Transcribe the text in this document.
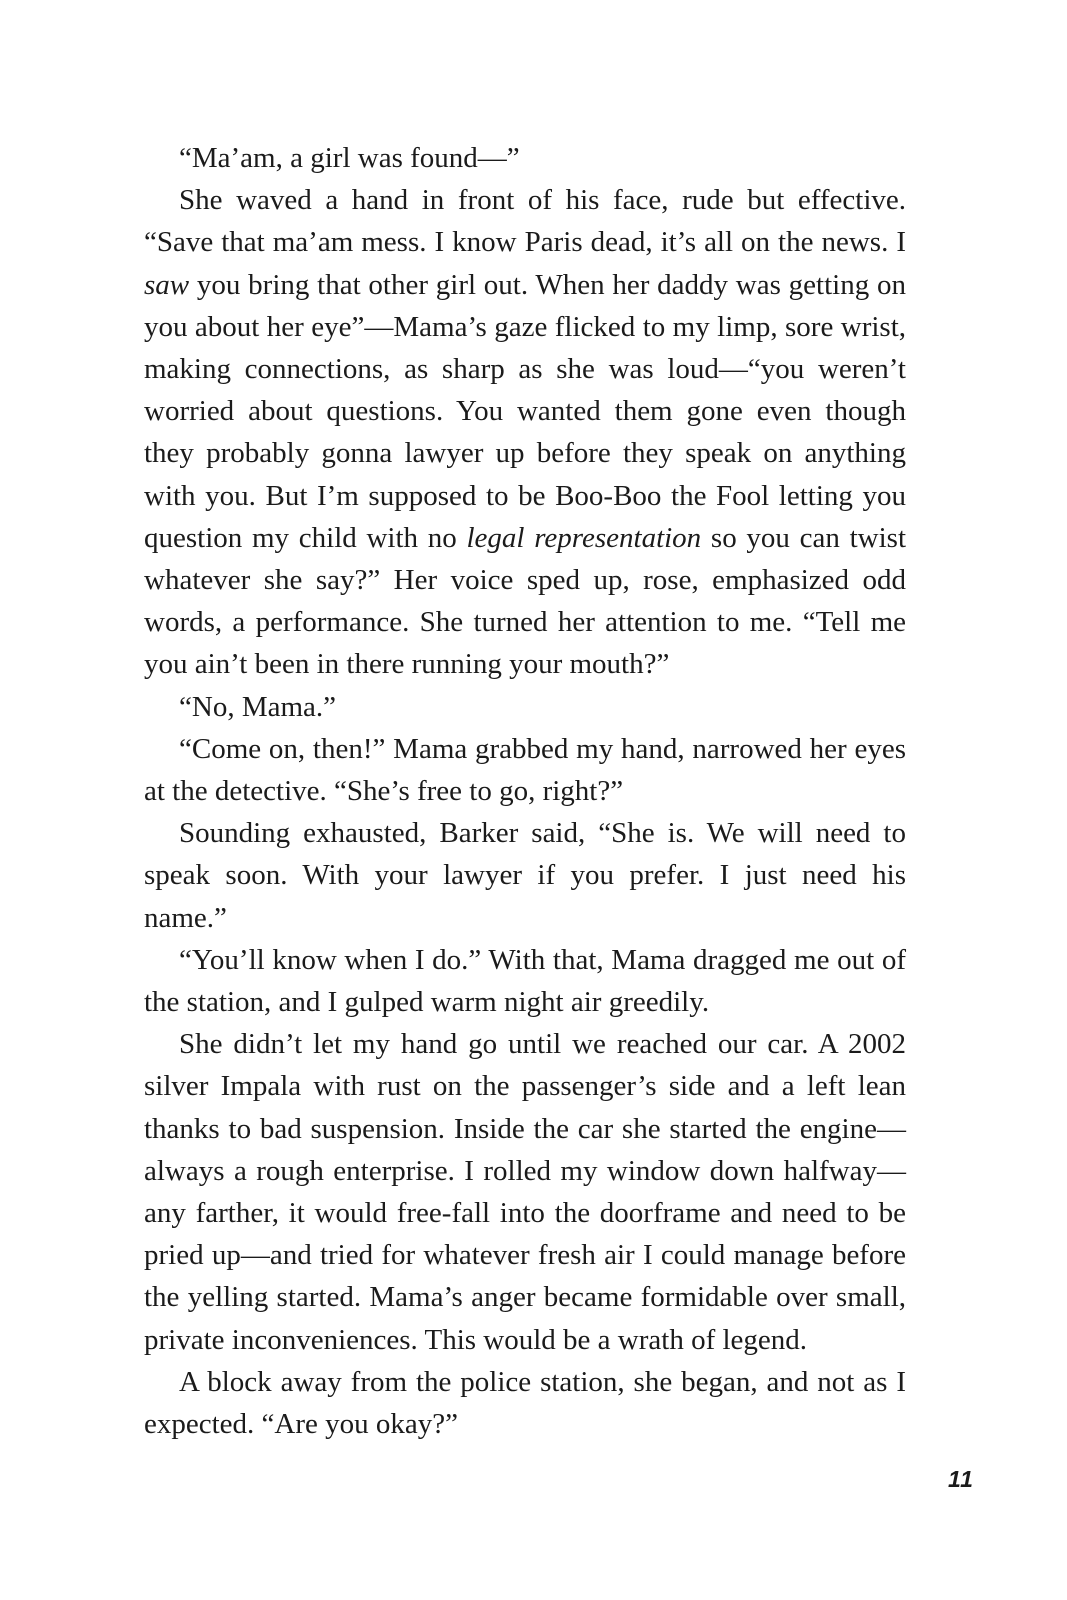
“Ma’am, a girl was found—”

She waved a hand in front of his face, rude but effective. “Save that ma’am mess. I know Paris dead, it’s all on the news. I saw you bring that other girl out. When her daddy was getting on you about her eye”—Mama’s gaze flicked to my limp, sore wrist, making connections, as sharp as she was loud—“you weren’t worried about questions. You wanted them gone even though they probably gonna lawyer up before they speak on anything with you. But I’m supposed to be Boo-Boo the Fool letting you question my child with no legal representation so you can twist whatever she say?” Her voice sped up, rose, emphasized odd words, a performance. She turned her attention to me. “Tell me you ain’t been in there running your mouth?”

“No, Mama.”

“Come on, then!” Mama grabbed my hand, narrowed her eyes at the detective. “She’s free to go, right?”

Sounding exhausted, Barker said, “She is. We will need to speak soon. With your lawyer if you prefer. I just need his name.”

“You’ll know when I do.” With that, Mama dragged me out of the station, and I gulped warm night air greedily.

She didn’t let my hand go until we reached our car. A 2002 silver Impala with rust on the passenger’s side and a left lean thanks to bad suspension. Inside the car she started the engine—always a rough enterprise. I rolled my window down halfway—any farther, it would free-fall into the doorframe and need to be pried up—and tried for whatever fresh air I could manage before the yelling started. Mama’s anger became formidable over small, private inconveniences. This would be a wrath of legend.

A block away from the police station, she began, and not as I expected. “Are you okay?”

11
